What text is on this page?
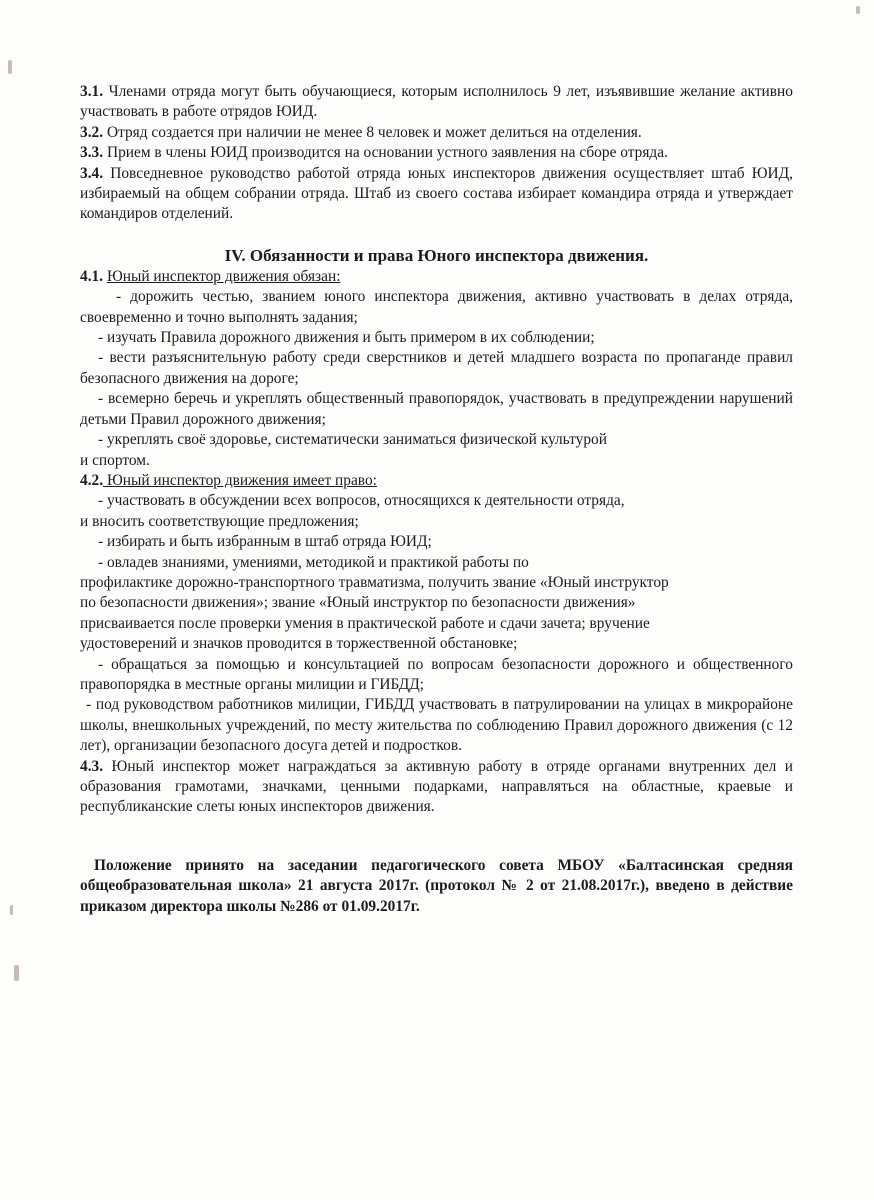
3.1. Членами отряда могут быть обучающиеся, которым исполнилось 9 лет, изъявившие желание активно участвовать в работе отрядов ЮИД.

3.2. Отряд создается при наличии не менее 8 человек и может делиться на отделения.

3.3. Прием в члены ЮИД производится на основании устного заявления на сборе отряда.

3.4. Повседневное руководство работой отряда юных инспекторов движения осуществляет штаб ЮИД, избираемый на общем собрании отряда. Штаб из своего состава избирает командира отряда и утверждает командиров отделений.

IV. Обязанности и права Юного инспектора движения.

4.1. Юный инспектор движения обязан:

- дорожить честью, званием юного инспектора движения, активно участвовать в делах отряда, своевременно и точно выполнять задания;

- изучать Правила дорожного движения и быть примером в их соблюдении;

- вести разъяснительную работу среди сверстников и детей младшего возраста по пропаганде правил безопасного движения на дороге;

- всемерно беречь и укреплять общественный правопорядок, участвовать в предупреждении нарушений детьми Правил дорожного движения;

- укреплять своё здоровье, систематически заниматься физической культурой

и спортом.

4.2. Юный инспектор движения имеет право:

- участвовать в обсуждении всех вопросов, относящихся к деятельности отряда,

и вносить соответствующие предложения;

- избирать и быть избранным в штаб отряда ЮИД;

- овладев знаниями, умениями, методикой и практикой работы по

профилактике дорожно-транспортного травматизма, получить звание «Юный инструктор

по безопасности движения»; звание «Юный инструктор по безопасности движения»

присваивается после проверки умения в практической работе и сдачи зачета; вручение

удостоверений и значков проводится в торжественной обстановке;

- обращаться за помощью и консультацией по вопросам безопасности дорожного и общественного правопорядка в местные органы милиции и ГИБДД;

- под руководством работников милиции, ГИБДД участвовать в патрулировании на улицах в микрорайоне школы, внешкольных учреждений, по месту жительства по соблюдению Правил дорожного движения (с 12 лет), организации безопасного досуга детей и подростков.

4.3. Юный инспектор может награждаться за активную работу в отряде органами внутренних дел и образования грамотами, значками, ценными подарками, направляться на областные, краевые и республиканские слеты юных инспекторов движения.

Положение принято на заседании педагогического совета МБОУ «Балтасинская средняя общеобразовательная школа» 21 августа 2017г. (протокол № 2 от 21.08.2017г.), введено в действие приказом директора школы №286 от 01.09.2017г.
